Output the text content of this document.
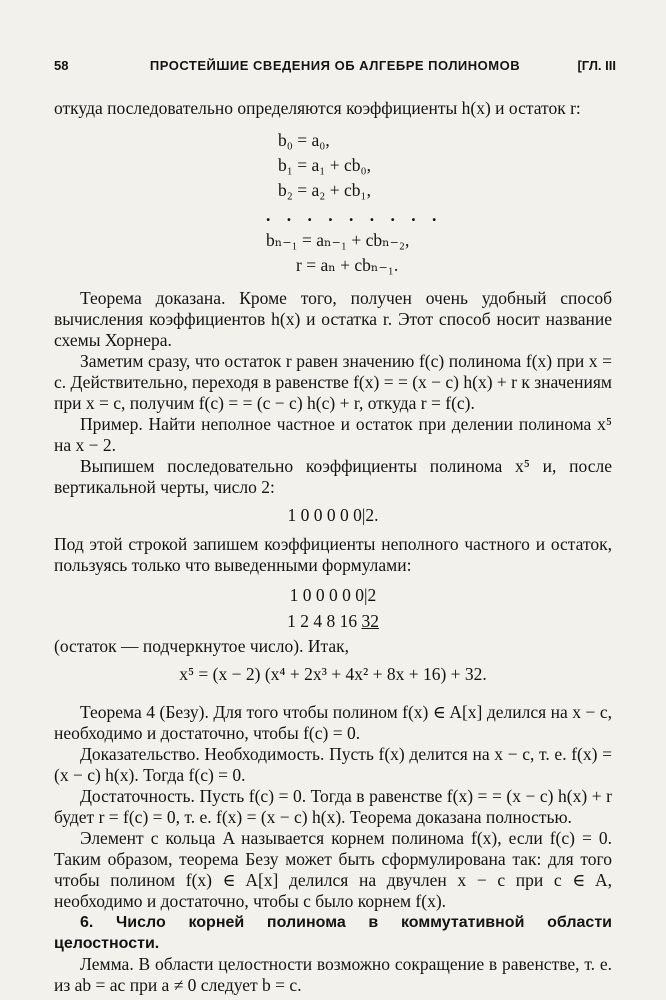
58	ПРОСТЕЙШИЕ СВЕДЕНИЯ ОБ АЛГЕБРЕ ПОЛИНОМОВ	[ГЛ. III

откуда последовательно определяются коэффициенты h(x) и остаток r:

b₀ = a₀,
b₁ = a₁ + cb₀,
b₂ = a₂ + cb₁,
. . . . . . . . .
bₙ₋₁ = aₙ₋₁ + cbₙ₋₂,
r = aₙ + cbₙ₋₁.

Теорема доказана. Кроме того, получен очень удобный способ вычисления коэффициентов h(x) и остатка r. Этот способ носит название схемы Хорнера.

Заметим сразу, что остаток r равен значению f(c) полинома f(x) при x = c. Действительно, переходя в равенстве f(x) = = (x − c) h(x) + r к значениям при x = c, получим f(c) = = (c − c) h(c) + r, откуда r = f(c).

Пример. Найти неполное частное и остаток при делении полинома x⁵ на x − 2.

Выпишем последовательно коэффициенты полинома x⁵ и, после вертикальной черты, число 2:

1 0 0 0 0 0|2.

Под этой строкой запишем коэффициенты неполного частного и остаток, пользуясь только что выведенными формулами:

1 0 0 0 0 0|2
1 2 4 8 16 32

(остаток — подчеркнутое число). Итак,

x⁵ = (x − 2) (x⁴ + 2x³ + 4x² + 8x + 16) + 32.

Теорема 4 (Безу). Для того чтобы полином f(x) ∈ A[x] делился на x − c, необходимо и достаточно, чтобы f(c) = 0.

Доказательство. Необходимость. Пусть f(x) делится на x − c, т. е. f(x) = (x − c) h(x). Тогда f(c) = 0.

Достаточность. Пусть f(c) = 0. Тогда в равенстве f(x) = = (x − c) h(x) + r будет r = f(c) = 0, т. е. f(x) = (x − c) h(x). Теорема доказана полностью.

Элемент c кольца A называется корнем полинома f(x), если f(c) = 0. Таким образом, теорема Безу может быть сформулирована так: для того чтобы полином f(x) ∈ A[x] делился на двучлен x − c при c ∈ A, необходимо и достаточно, чтобы c было корнем f(x).

6. Число корней полинома в коммутативной области целостности.

Лемма. В области целостности возможно сокращение в равенстве, т. е. из ab = ac при a ≠ 0 следует b = c.
